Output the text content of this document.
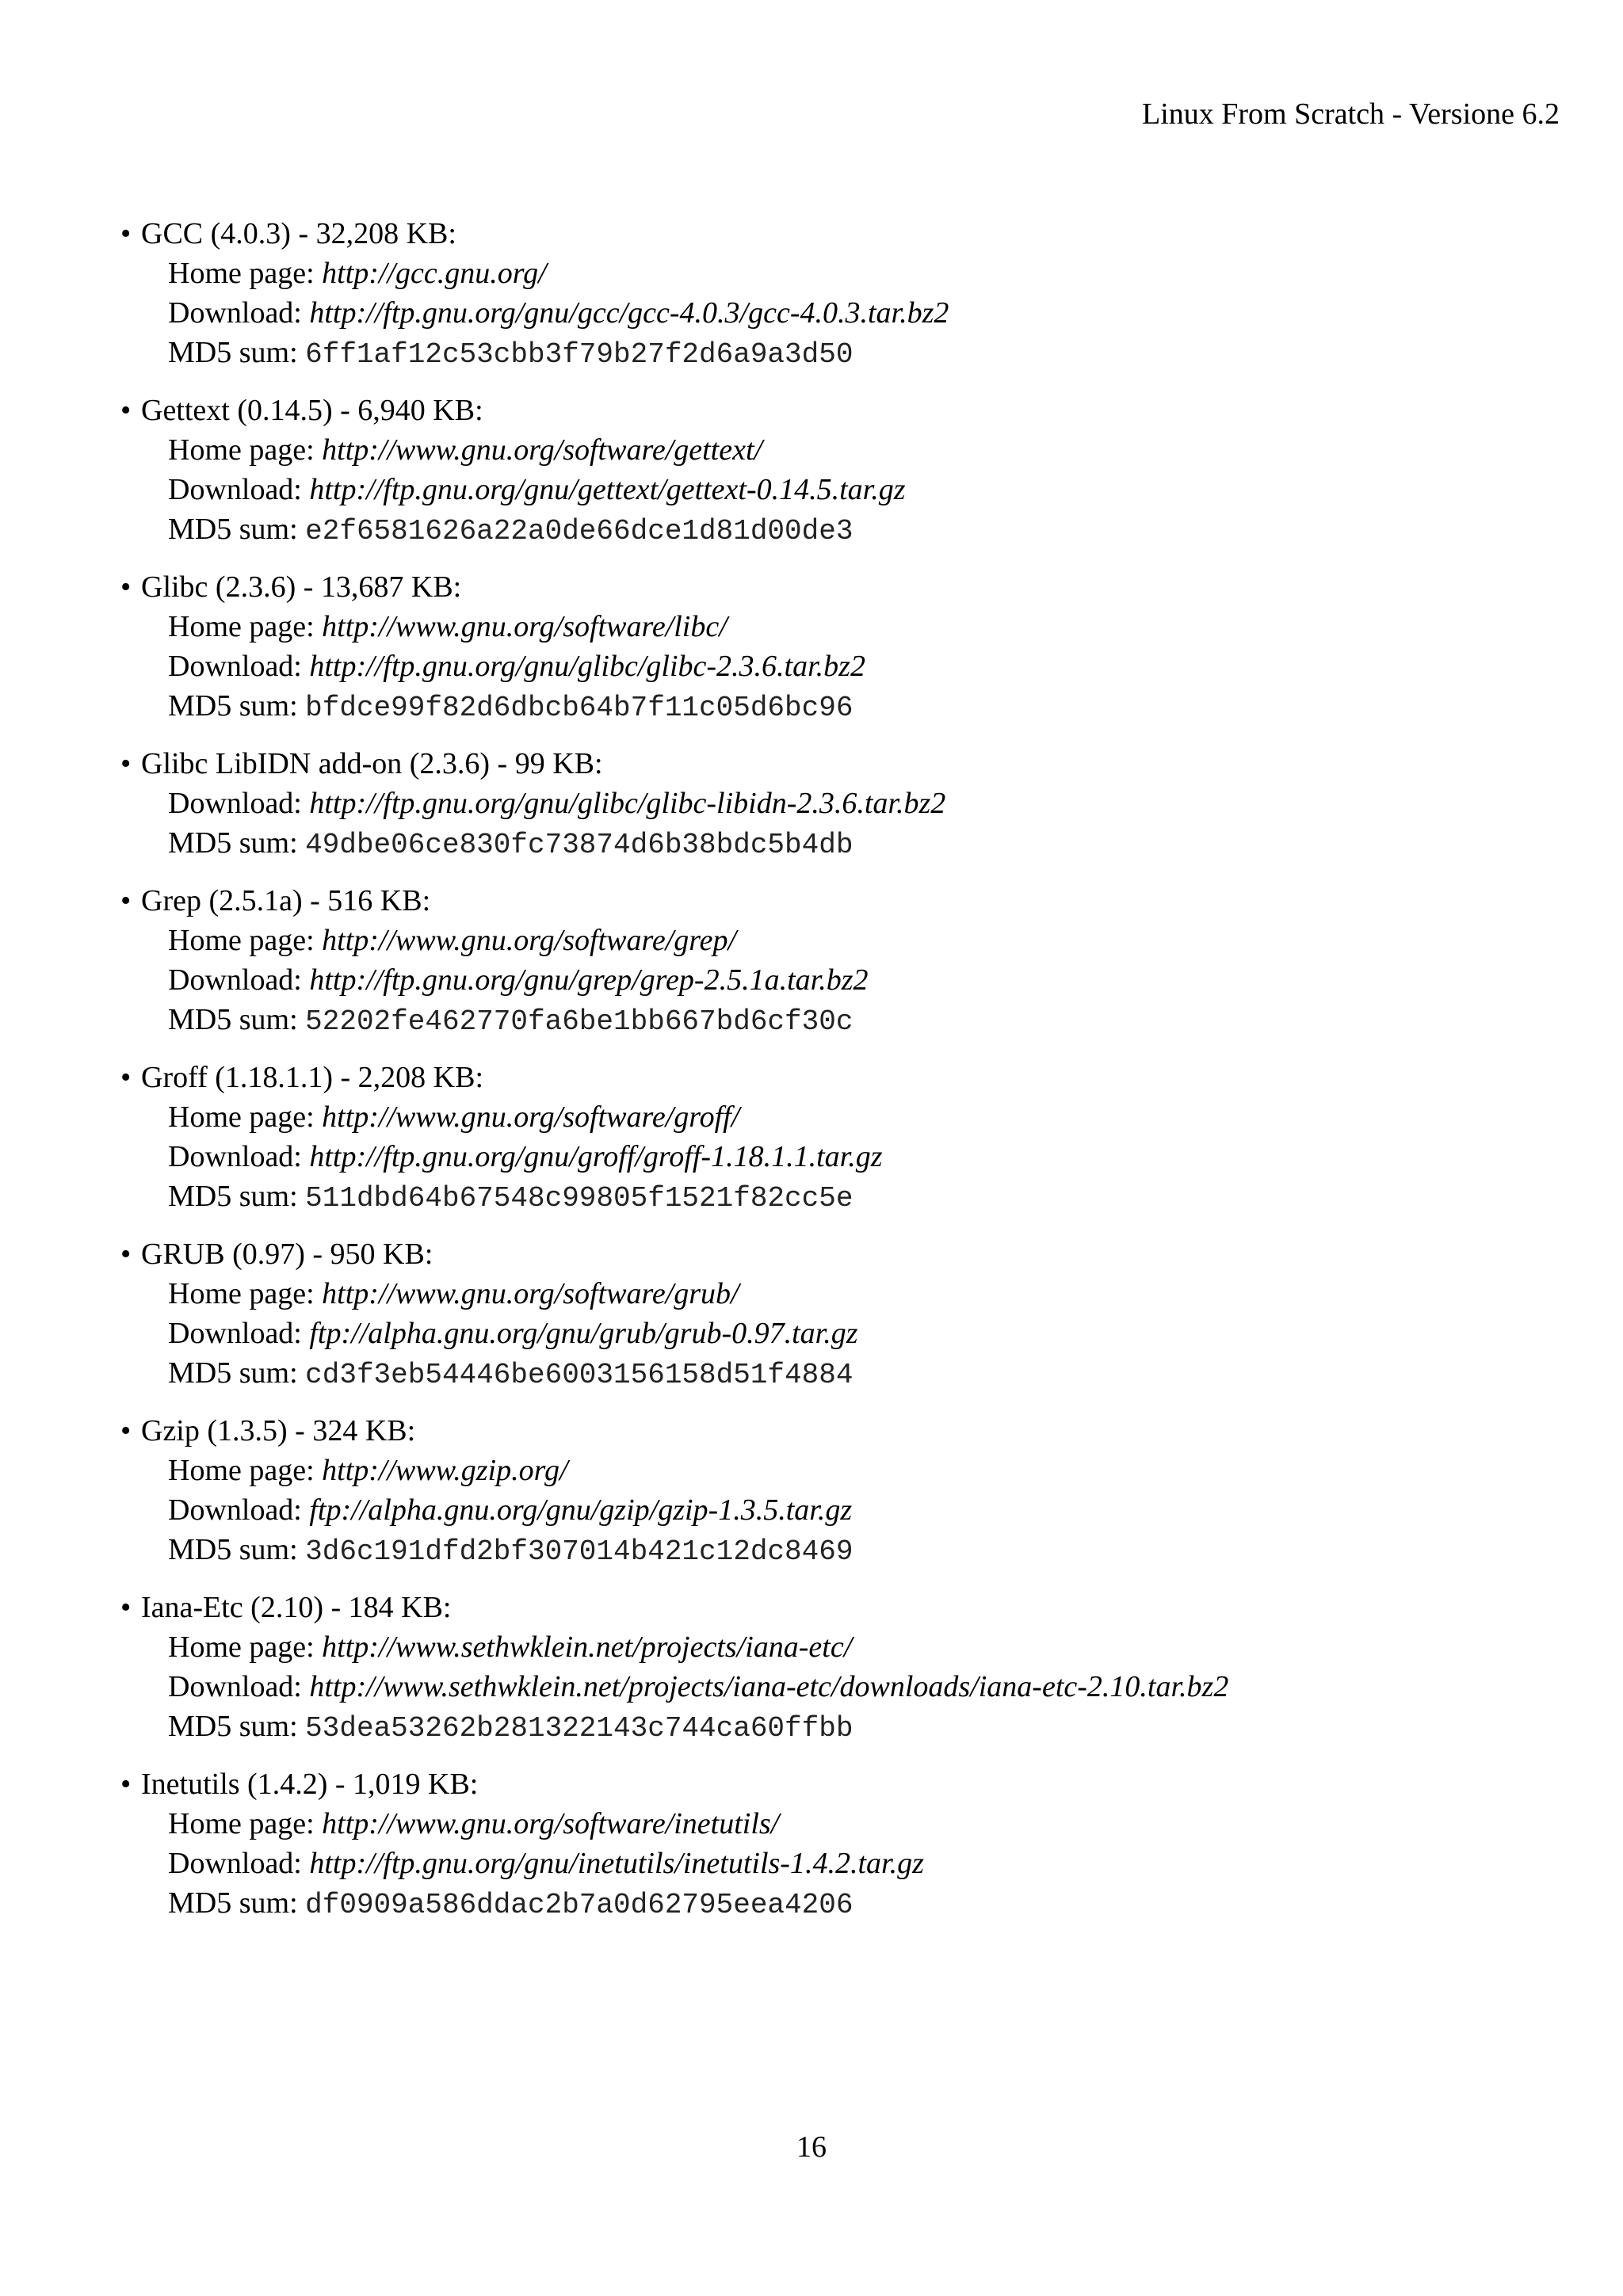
Linux From Scratch - Versione 6.2
• GCC (4.0.3) - 32,208 KB:
Home page: http://gcc.gnu.org/
Download: http://ftp.gnu.org/gnu/gcc/gcc-4.0.3/gcc-4.0.3.tar.bz2
MD5 sum: 6ff1af12c53cbb3f79b27f2d6a9a3d50
• Gettext (0.14.5) - 6,940 KB:
Home page: http://www.gnu.org/software/gettext/
Download: http://ftp.gnu.org/gnu/gettext/gettext-0.14.5.tar.gz
MD5 sum: e2f6581626a22a0de66dce1d81d00de3
• Glibc (2.3.6) - 13,687 KB:
Home page: http://www.gnu.org/software/libc/
Download: http://ftp.gnu.org/gnu/glibc/glibc-2.3.6.tar.bz2
MD5 sum: bfdce99f82d6dbcb64b7f11c05d6bc96
• Glibc LibIDN add-on (2.3.6) - 99 KB:
Download: http://ftp.gnu.org/gnu/glibc/glibc-libidn-2.3.6.tar.bz2
MD5 sum: 49dbe06ce830fc73874d6b38bdc5b4db
• Grep (2.5.1a) - 516 KB:
Home page: http://www.gnu.org/software/grep/
Download: http://ftp.gnu.org/gnu/grep/grep-2.5.1a.tar.bz2
MD5 sum: 52202fe462770fa6be1bb667bd6cf30c
• Groff (1.18.1.1) - 2,208 KB:
Home page: http://www.gnu.org/software/groff/
Download: http://ftp.gnu.org/gnu/groff/groff-1.18.1.1.tar.gz
MD5 sum: 511dbd64b67548c99805f1521f82cc5e
• GRUB (0.97) - 950 KB:
Home page: http://www.gnu.org/software/grub/
Download: ftp://alpha.gnu.org/gnu/grub/grub-0.97.tar.gz
MD5 sum: cd3f3eb54446be6003156158d51f4884
• Gzip (1.3.5) - 324 KB:
Home page: http://www.gzip.org/
Download: ftp://alpha.gnu.org/gnu/gzip/gzip-1.3.5.tar.gz
MD5 sum: 3d6c191dfd2bf307014b421c12dc8469
• Iana-Etc (2.10) - 184 KB:
Home page: http://www.sethwklein.net/projects/iana-etc/
Download: http://www.sethwklein.net/projects/iana-etc/downloads/iana-etc-2.10.tar.bz2
MD5 sum: 53dea53262b281322143c744ca60ffbb
• Inetutils (1.4.2) - 1,019 KB:
Home page: http://www.gnu.org/software/inetutils/
Download: http://ftp.gnu.org/gnu/inetutils/inetutils-1.4.2.tar.gz
MD5 sum: df0909a586ddac2b7a0d62795eea4206
16
